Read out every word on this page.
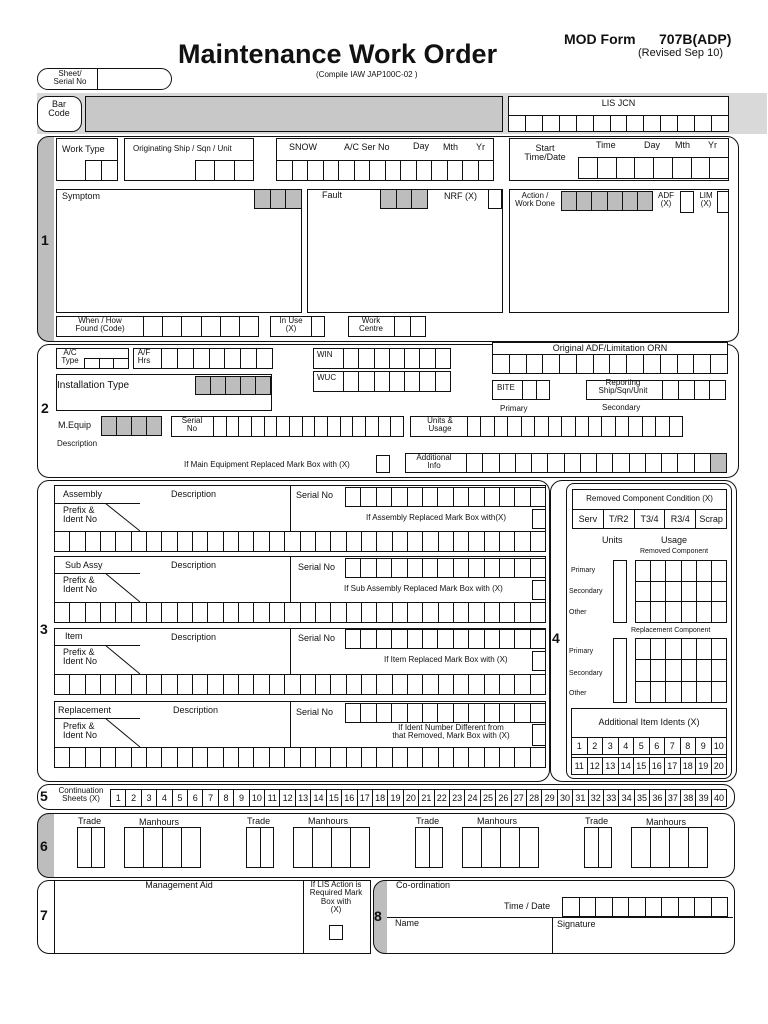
Maintenance Work Order	MOD Form 707B(ADP)
(Revised Sep 10)
(Compile IAW JAP100C-02 )
Sheet/
Serial No
Bar
Code
LIS JCN
1
Work Type	Originating Ship / Sqn / Unit	SNOW	A/C Ser No	Day Mth Yr	Start
Time/Date
Time	Day Mth Yr
Symptom	Fault	NRF (X)	Action /
Work Done
ADF
(X)
LIM
(X)
When / How
Found (Code)
In Use
(X)
Work
Centre
2
A/C
Type
A/F
Hrs
WIN
WUC
Original ADF/Limitation ORN
Installation Type	BITE
Reporting
Ship/Sqn/Unit
Primary	Secondary
M.Equip	Serial
No
Units &
Usage
Description
If Main Equipment Replaced Mark Box with (X)
Additional
Info
3
Assembly	Description	Serial No
If Assembly Replaced Mark Box with(X)
Prefix &
Ident No
Sub Assy	Description	Serial No
If Sub Assembly Replaced Mark Box with (X)
Prefix &
Ident No
Item	Description	Serial No
If Item Replaced Mark Box with (X)
Prefix &
Ident No
Replacement	Description	Serial No
If Ident Number Different from
that Removed, Mark Box with (X)
Prefix &
Ident No
4
Removed Component Condition (X)
Serv	T/R2	T3/4	R3/4	Scrap
Units	Usage
Removed Component
Primary
Secondary
Other
Replacement Component
Primary
Secondary
Other
Additional Item Idents (X)
1	2	3	4	5	6	7	8	9 10
11 12 13 14 15 16 17 18 19 20
5	Continuation
Sheets (X)	1	2	3	4	5	6	7	8	9 10 11 12 13 14 15 16 17 18 19 20 21 22 23 24 25 26 27 28 29 30 31 32 33 34 35 36 37 38 39 40
6
Trade	Manhours	Trade	Manhours	Trade	Manhours	Trade	Manhours
7
Management Aid	If LIS Action is
Required Mark
Box with
(X)	8
Co-ordination
Time / Date
Name	Signature
